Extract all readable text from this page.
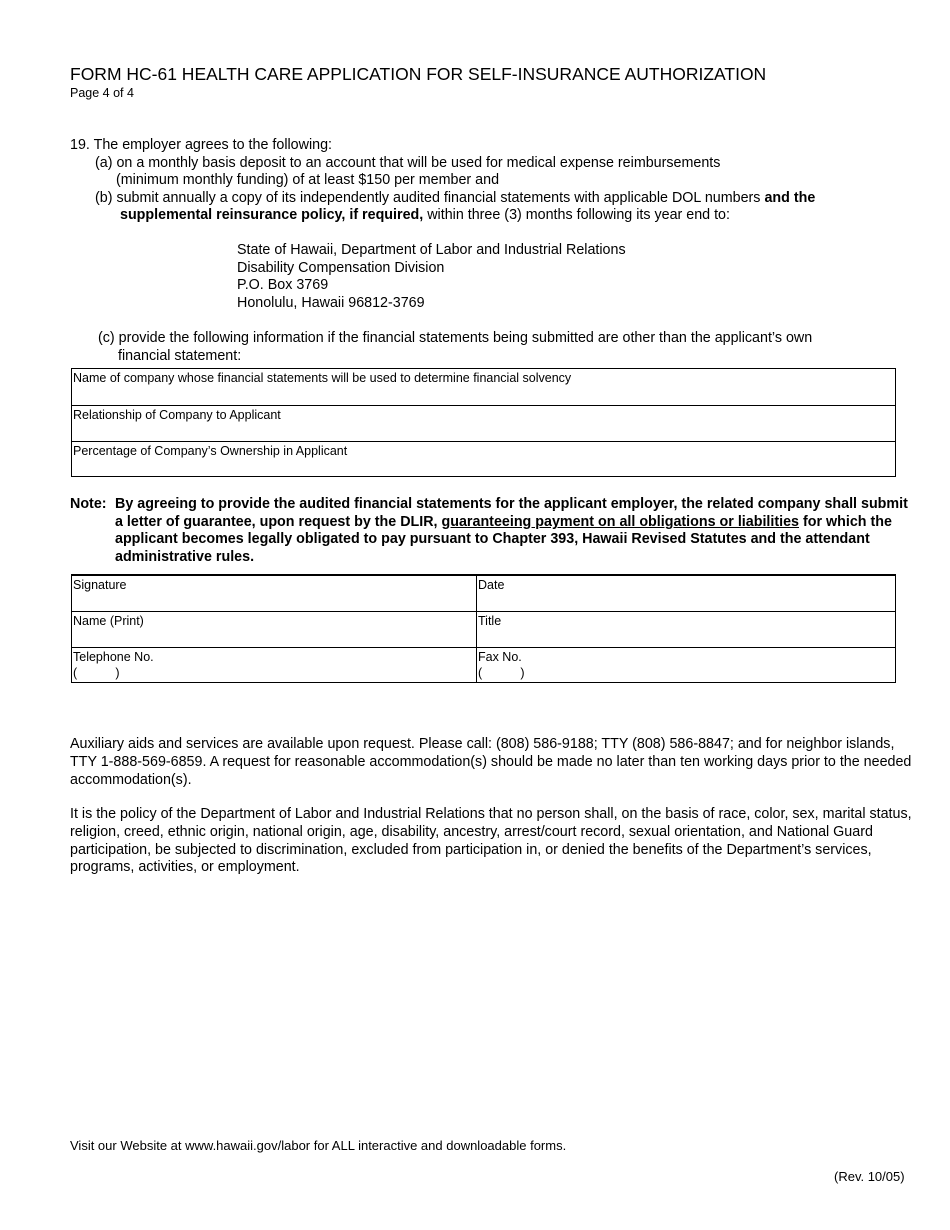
FORM HC-61 HEALTH CARE APPLICATION FOR SELF-INSURANCE AUTHORIZATION
Page 4 of 4
19. The employer agrees to the following:
(a) on a monthly basis deposit to an account that will be used for medical expense reimbursements
(minimum monthly funding) of at least $150 per member and
(b) submit annually a copy of its independently audited financial statements with applicable DOL numbers and the
supplemental reinsurance policy, if required, within three (3) months following its year end to:
State of Hawaii, Department of Labor and Industrial Relations
Disability Compensation Division
P.O. Box 3769
Honolulu, Hawaii 96812-3769
(c) provide the following information if the financial statements being submitted are other than the applicant’s own
financial statement:
Name of company whose financial statements will be used to determine financial solvency
Relationship of Company to Applicant
Percentage of Company’s Ownership in Applicant
Note: By agreeing to provide the audited financial statements for the applicant employer, the related company shall submit
a letter of guarantee, upon request by the DLIR, guaranteeing payment on all obligations or liabilities for which the
applicant becomes legally obligated to pay pursuant to Chapter 393, Hawaii Revised Statutes and the attendant
administrative rules.
Signature	Date
Name (Print)	Title
Telephone No.
(           )
Fax No.
(           )
Auxiliary aids and services are available upon request. Please call: (808) 586-9188; TTY (808) 586-8847; and for neighbor islands, TTY 1-888-569-6859. A request for reasonable accommodation(s) should be made no later than ten working days prior to the needed accommodation(s).
It is the policy of the Department of Labor and Industrial Relations that no person shall, on the basis of race, color, sex, marital status, religion, creed, ethnic origin, national origin, age, disability, ancestry, arrest/court record, sexual orientation, and National Guard participation, be subjected to discrimination, excluded from participation in, or denied the benefits of the Department’s services, programs, activities, or employment.
Visit our Website at www.hawaii.gov/labor for ALL interactive and downloadable forms.
(Rev. 10/05)
